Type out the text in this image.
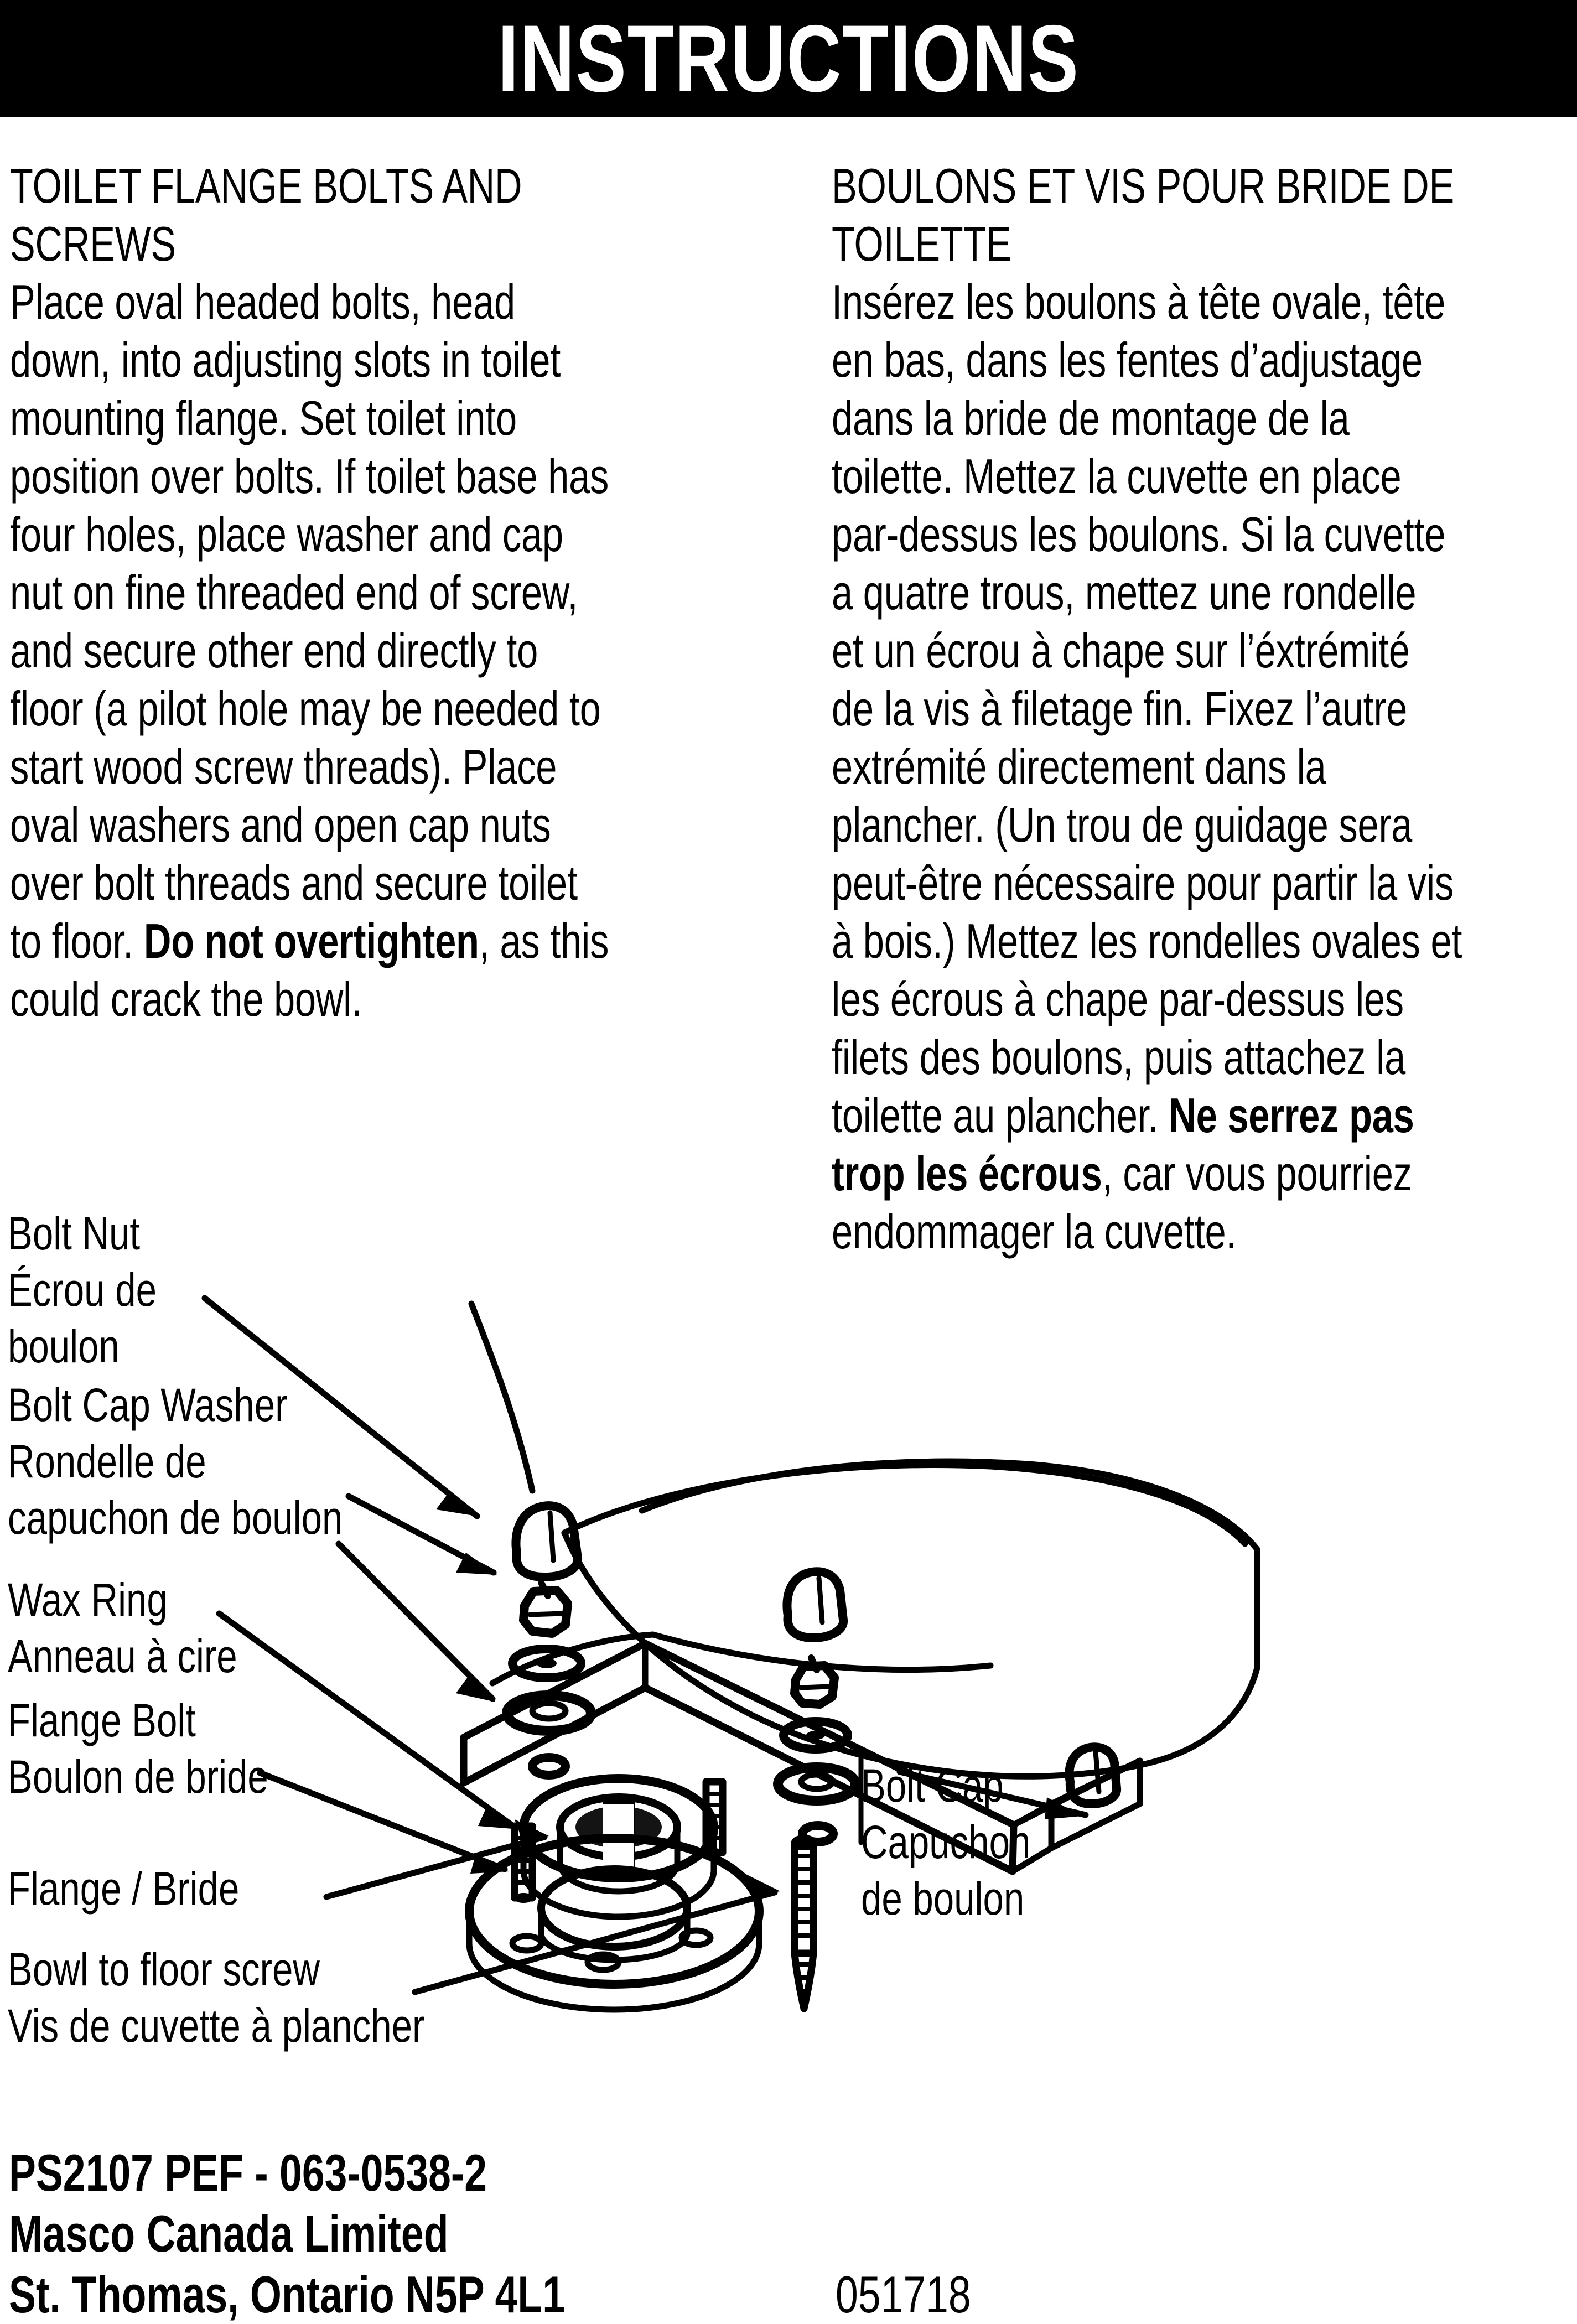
INSTRUCTIONS
TOILET FLANGE BOLTS AND
SCREWS
Place oval headed bolts, head
down, into adjusting slots in toilet
mounting flange. Set toilet into
position over bolts. If toilet base has
four holes, place washer and cap
nut on fine threaded end of screw,
and secure other end directly to
floor (a pilot hole may be needed to
start wood screw threads). Place
oval washers and open cap nuts
over bolt threads and secure toilet
to floor. Do not overtighten, as this
could crack the bowl.
BOULONS ET VIS POUR BRIDE DE
TOILETTE
Insérez les boulons à tête ovale, tête
en bas, dans les fentes d’adjustage
dans la bride de montage de la
toilette. Mettez la cuvette en place
par-dessus les boulons. Si la cuvette
a quatre trous, mettez une rondelle
et un écrou à chape sur l’éxtrémité
de la vis à filetage fin. Fixez l’autre
extrémité directement dans la
plancher. (Un trou de guidage sera
peut-être nécessaire pour partir la vis
à bois.) Mettez les rondelles ovales et
les écrous à chape par-dessus les
filets des boulons, puis attachez la
toilette au plancher. Ne serrez pas
trop les écrous, car vous pourriez
endommager la cuvette.
Bolt Nut
Écrou de
boulon
Bolt Cap Washer
Rondelle de
capuchon de boulon
Wax Ring
Anneau à cire
Flange Bolt
Boulon de bride
Flange / Bride
Bowl to floor screw
Vis de cuvette à plancher
Bolt Cap
Capuchon
de boulon
PS2107 PEF - 063-0538-2
Masco Canada Limited
St. Thomas, Ontario N5P 4L1	051718
